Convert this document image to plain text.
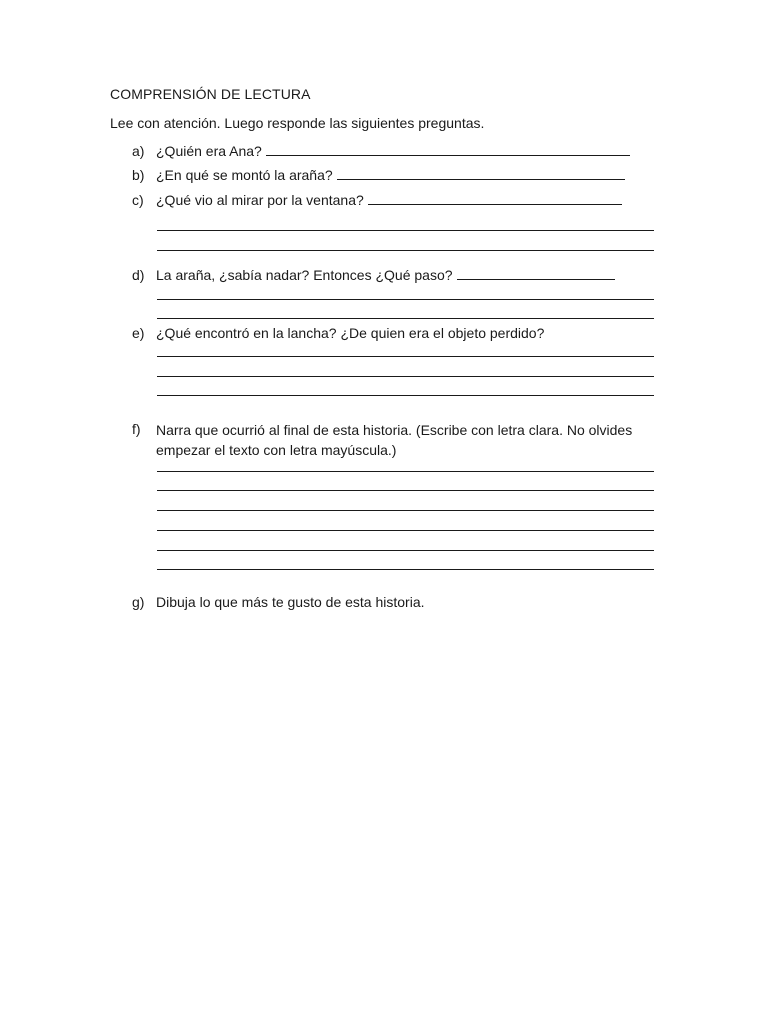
COMPRENSIÓN DE LECTURA
Lee con atención. Luego responde las siguientes preguntas.
a) ¿Quién era Ana?
b) ¿En qué se montó la araña?
c) ¿Qué vio al mirar por la ventana?
d) La araña, ¿sabía nadar? Entonces ¿Qué paso?
e) ¿Qué encontró en la lancha? ¿De quien era el objeto perdido?
f)	Narra que ocurrió al final de esta historia. (Escribe con letra clara. No olvides empezar el texto con letra mayúscula.)
g) Dibuja lo que más te gusto de esta historia.
